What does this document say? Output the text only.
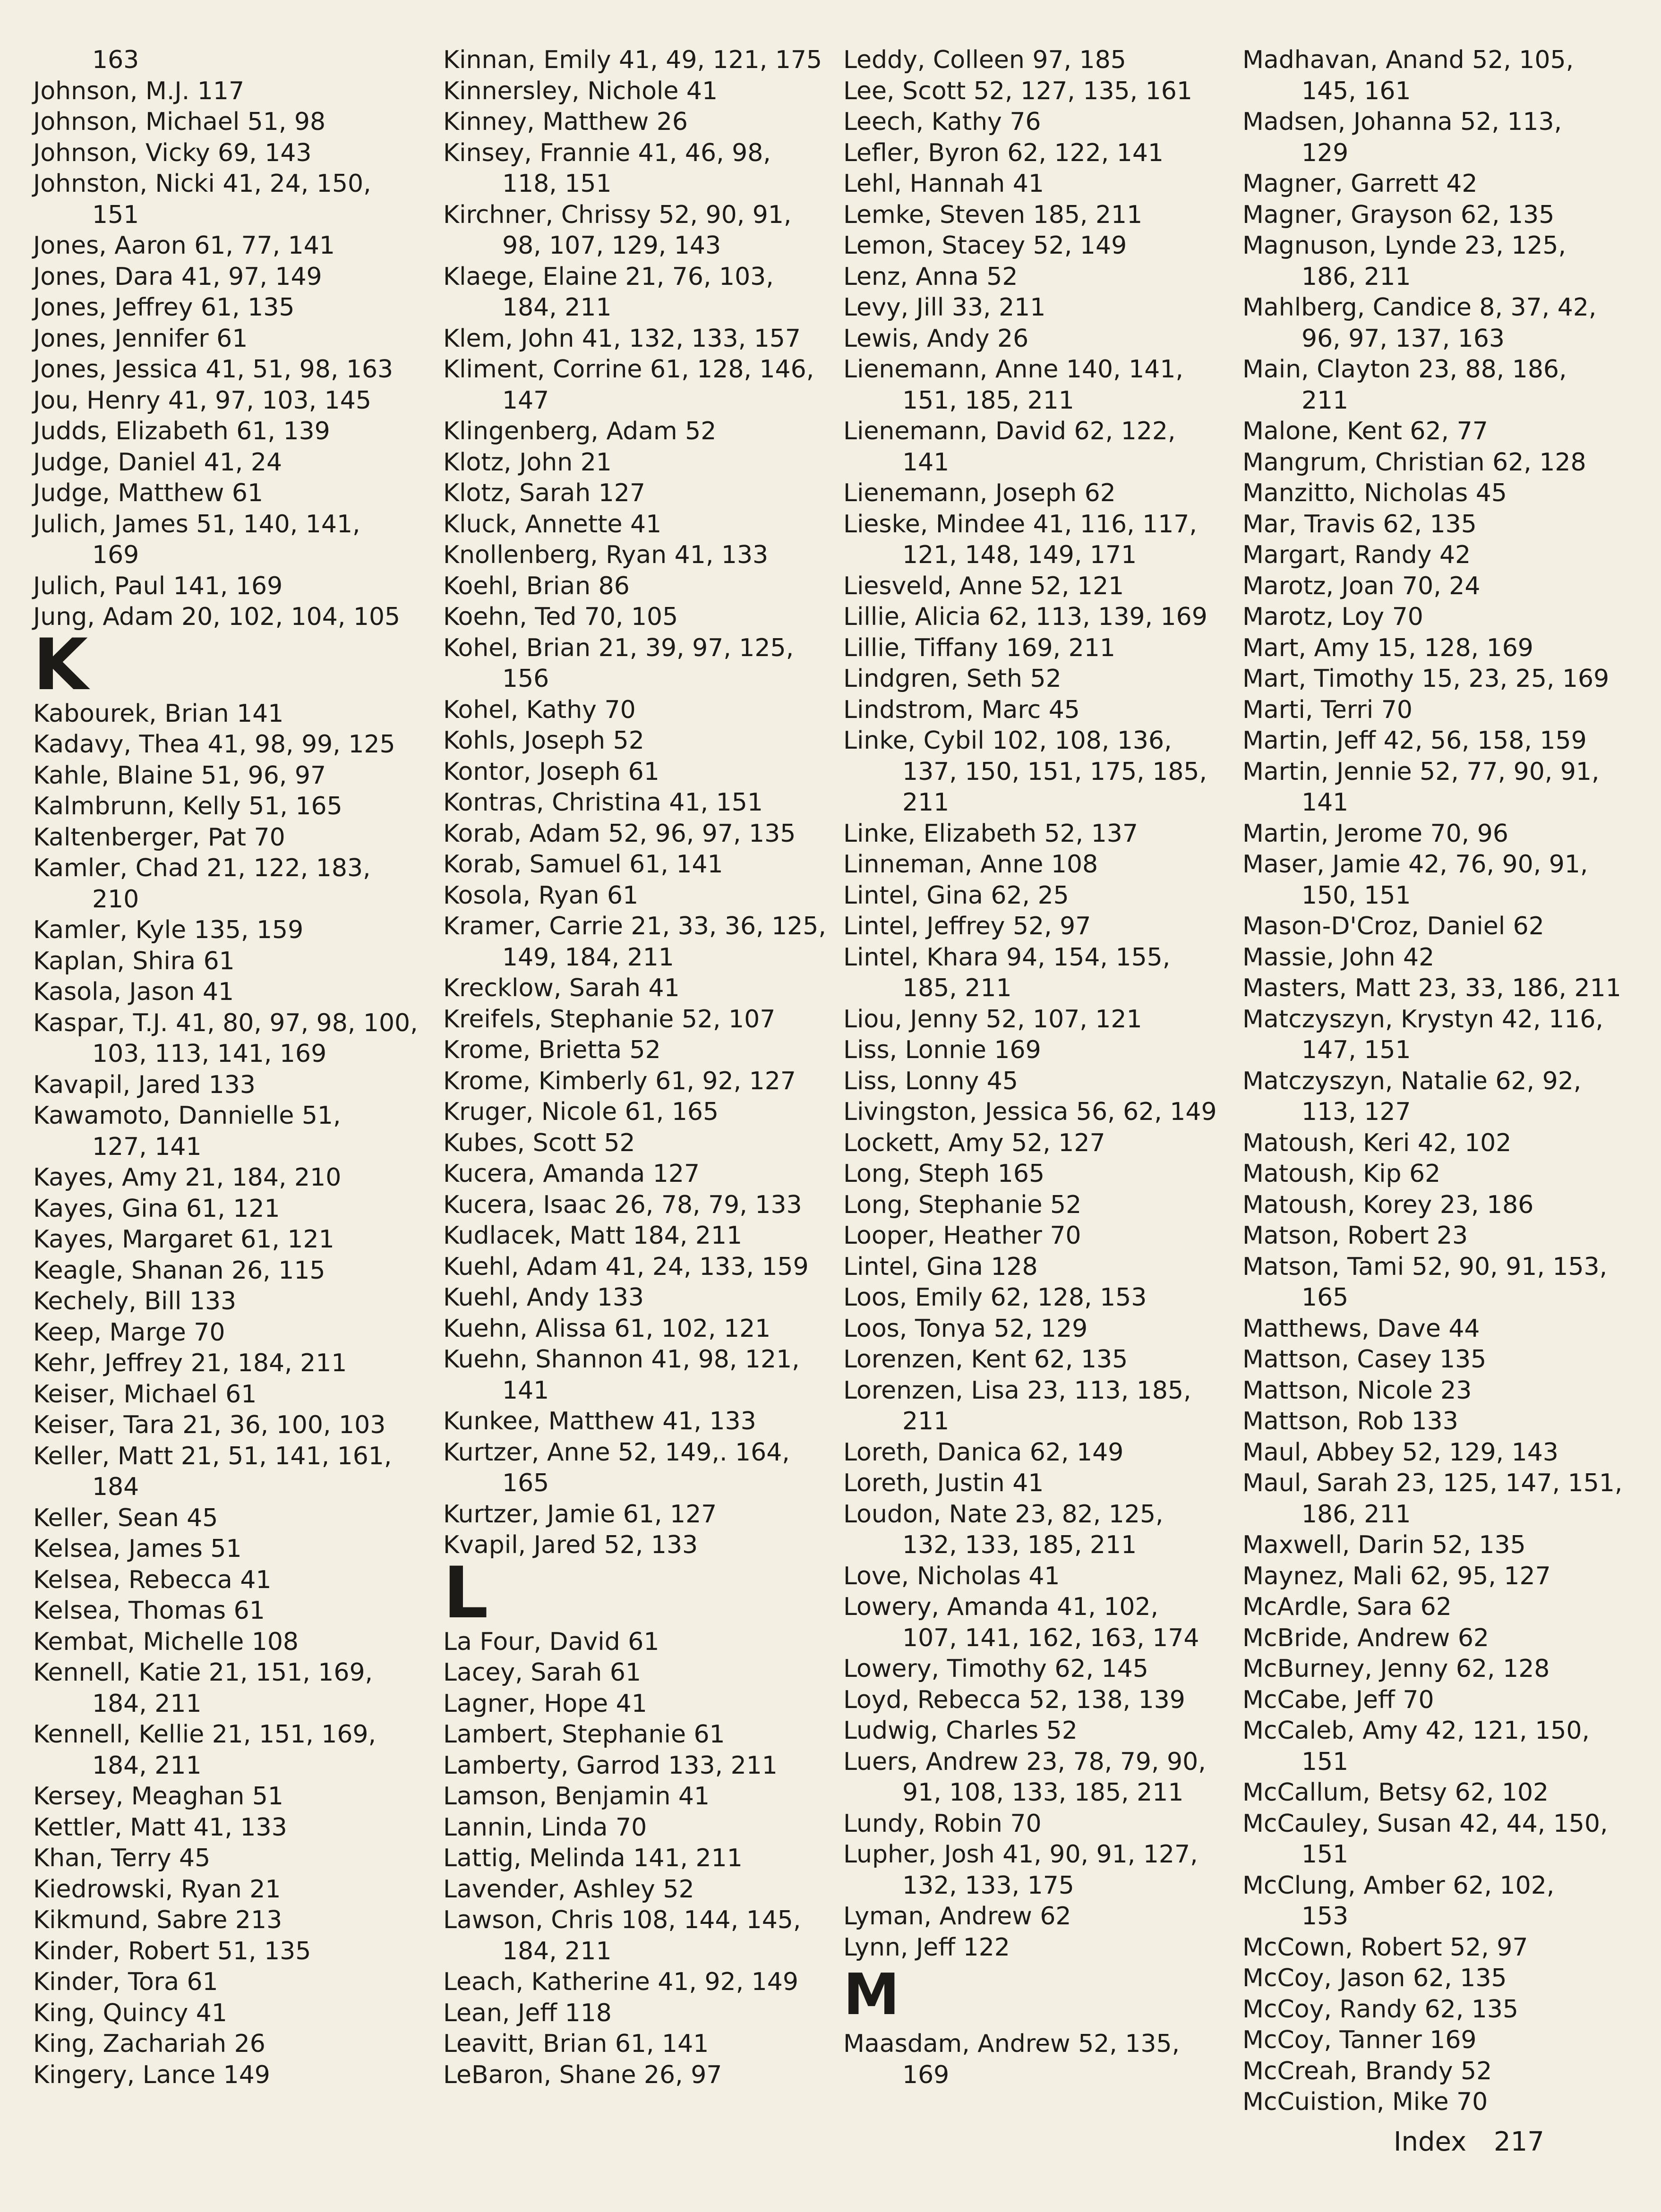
163
Johnson, M.J. 117
Johnson, Michael 51, 98
Johnson, Vicky 69, 143
Johnston, Nicki 41, 24, 150,
151
Jones, Aaron 61, 77, 141
Jones, Dara 41, 97, 149
Jones, Jeffrey 61, 135
Jones, Jennifer 61
Jones, Jessica 41, 51, 98, 163
Jou, Henry 41, 97, 103, 145
Judds, Elizabeth 61, 139
Judge, Daniel 41, 24
Judge, Matthew 61
Julich, James 51, 140, 141,
169
Julich, Paul 141, 169
Jung, Adam 20, 102, 104, 105
K
Kabourek, Brian 141
Kadavy, Thea 41, 98, 99, 125
Kahle, Blaine 51, 96, 97
Kalmbrunn, Kelly 51, 165
Kaltenberger, Pat 70
Kamler, Chad 21, 122, 183,
210
Kamler, Kyle 135, 159
Kaplan, Shira 61
Kasola, Jason 41
Kaspar, T.J. 41, 80, 97, 98, 100,
103, 113, 141, 169
Kavapil, Jared 133
Kawamoto, Dannielle 51,
127, 141
Kayes, Amy 21, 184, 210
Kayes, Gina 61, 121
Kayes, Margaret 61, 121
Keagle, Shanan 26, 115
Kechely, Bill 133
Keep, Marge 70
Kehr, Jeffrey 21, 184, 211
Keiser, Michael 61
Keiser, Tara 21, 36, 100, 103
Keller, Matt 21, 51, 141, 161,
184
Keller, Sean 45
Kelsea, James 51
Kelsea, Rebecca 41
Kelsea, Thomas 61
Kembat, Michelle 108
Kennell, Katie 21, 151, 169,
184, 211
Kennell, Kellie 21, 151, 169,
184, 211
Kersey, Meaghan 51
Kettler, Matt 41, 133
Khan, Terry 45
Kiedrowski, Ryan 21
Kikmund, Sabre 213
Kinder, Robert 51, 135
Kinder, Tora 61
King, Quincy 41
King, Zachariah 26
Kingery, Lance 149
Kinnan, Emily 41, 49, 121, 175
Kinnersley, Nichole 41
Kinney, Matthew 26
Kinsey, Frannie 41, 46, 98,
118, 151
Kirchner, Chrissy 52, 90, 91,
98, 107, 129, 143
Klaege, Elaine 21, 76, 103,
184, 211
Klem, John 41, 132, 133, 157
Kliment, Corrine 61, 128, 146,
147
Klingenberg, Adam 52
Klotz, John 21
Klotz, Sarah 127
Kluck, Annette 41
Knollenberg, Ryan 41, 133
Koehl, Brian 86
Koehn, Ted 70, 105
Kohel, Brian 21, 39, 97, 125,
156
Kohel, Kathy 70
Kohls, Joseph 52
Kontor, Joseph 61
Kontras, Christina 41, 151
Korab, Adam 52, 96, 97, 135
Korab, Samuel 61, 141
Kosola, Ryan 61
Kramer, Carrie 21, 33, 36, 125,
149, 184, 211
Krecklow, Sarah 41
Kreifels, Stephanie 52, 107
Krome, Brietta 52
Krome, Kimberly 61, 92, 127
Kruger, Nicole 61, 165
Kubes, Scott 52
Kucera, Amanda 127
Kucera, Isaac 26, 78, 79, 133
Kudlacek, Matt 184, 211
Kuehl, Adam 41, 24, 133, 159
Kuehl, Andy 133
Kuehn, Alissa 61, 102, 121
Kuehn, Shannon 41, 98, 121,
141
Kunkee, Matthew 41, 133
Kurtzer, Anne 52, 149,. 164,
165
Kurtzer, Jamie 61, 127
Kvapil, Jared 52, 133
L
La Four, David 61
Lacey, Sarah 61
Lagner, Hope 41
Lambert, Stephanie 61
Lamberty, Garrod 133, 211
Lamson, Benjamin 41
Lannin, Linda 70
Lattig, Melinda 141, 211
Lavender, Ashley 52
Lawson, Chris 108, 144, 145,
184, 211
Leach, Katherine 41, 92, 149
Lean, Jeff 118
Leavitt, Brian 61, 141
LeBaron, Shane 26, 97
Leddy, Colleen 97, 185
Lee, Scott 52, 127, 135, 161
Leech, Kathy 76
Lefler, Byron 62, 122, 141
Lehl, Hannah 41
Lemke, Steven 185, 211
Lemon, Stacey 52, 149
Lenz, Anna 52
Levy, Jill 33, 211
Lewis, Andy 26
Lienemann, Anne 140, 141,
151, 185, 211
Lienemann, David 62, 122,
141
Lienemann, Joseph 62
Lieske, Mindee 41, 116, 117,
121, 148, 149, 171
Liesveld, Anne 52, 121
Lillie, Alicia 62, 113, 139, 169
Lillie, Tiffany 169, 211
Lindgren, Seth 52
Lindstrom, Marc 45
Linke, Cybil 102, 108, 136,
137, 150, 151, 175, 185,
211
Linke, Elizabeth 52, 137
Linneman, Anne 108
Lintel, Gina 62, 25
Lintel, Jeffrey 52, 97
Lintel, Khara 94, 154, 155,
185, 211
Liou, Jenny 52, 107, 121
Liss, Lonnie 169
Liss, Lonny 45
Livingston, Jessica 56, 62, 149
Lockett, Amy 52, 127
Long, Steph 165
Long, Stephanie 52
Looper, Heather 70
Lintel, Gina 128
Loos, Emily 62, 128, 153
Loos, Tonya 52, 129
Lorenzen, Kent 62, 135
Lorenzen, Lisa 23, 113, 185,
211
Loreth, Danica 62, 149
Loreth, Justin 41
Loudon, Nate 23, 82, 125,
132, 133, 185, 211
Love, Nicholas 41
Lowery, Amanda 41, 102,
107, 141, 162, 163, 174
Lowery, Timothy 62, 145
Loyd, Rebecca 52, 138, 139
Ludwig, Charles 52
Luers, Andrew 23, 78, 79, 90,
91, 108, 133, 185, 211
Lundy, Robin 70
Lupher, Josh 41, 90, 91, 127,
132, 133, 175
Lyman, Andrew 62
Lynn, Jeff 122
M
Maasdam, Andrew 52, 135,
169
Madhavan, Anand 52, 105,
145, 161
Madsen, Johanna 52, 113,
129
Magner, Garrett 42
Magner, Grayson 62, 135
Magnuson, Lynde 23, 125,
186, 211
Mahlberg, Candice 8, 37, 42,
96, 97, 137, 163
Main, Clayton 23, 88, 186,
211
Malone, Kent 62, 77
Mangrum, Christian 62, 128
Manzitto, Nicholas 45
Mar, Travis 62, 135
Margart, Randy 42
Marotz, Joan 70, 24
Marotz, Loy 70
Mart, Amy 15, 128, 169
Mart, Timothy 15, 23, 25, 169
Marti, Terri 70
Martin, Jeff 42, 56, 158, 159
Martin, Jennie 52, 77, 90, 91,
141
Martin, Jerome 70, 96
Maser, Jamie 42, 76, 90, 91,
150, 151
Mason-D'Croz, Daniel 62
Massie, John 42
Masters, Matt 23, 33, 186, 211
Matczyszyn, Krystyn 42, 116,
147, 151
Matczyszyn, Natalie 62, 92,
113, 127
Matoush, Keri 42, 102
Matoush, Kip 62
Matoush, Korey 23, 186
Matson, Robert 23
Matson, Tami 52, 90, 91, 153,
165
Matthews, Dave 44
Mattson, Casey 135
Mattson, Nicole 23
Mattson, Rob 133
Maul, Abbey 52, 129, 143
Maul, Sarah 23, 125, 147, 151,
186, 211
Maxwell, Darin 52, 135
Maynez, Mali 62, 95, 127
McArdle, Sara 62
McBride, Andrew 62
McBurney, Jenny 62, 128
McCabe, Jeff 70
McCaleb, Amy 42, 121, 150,
151
McCallum, Betsy 62, 102
McCauley, Susan 42, 44, 150,
151
McClung, Amber 62, 102,
153
McCown, Robert 52, 97
McCoy, Jason 62, 135
McCoy, Randy 62, 135
McCoy, Tanner 169
McCreah, Brandy 52
McCuistion, Mike 70
Index 217
